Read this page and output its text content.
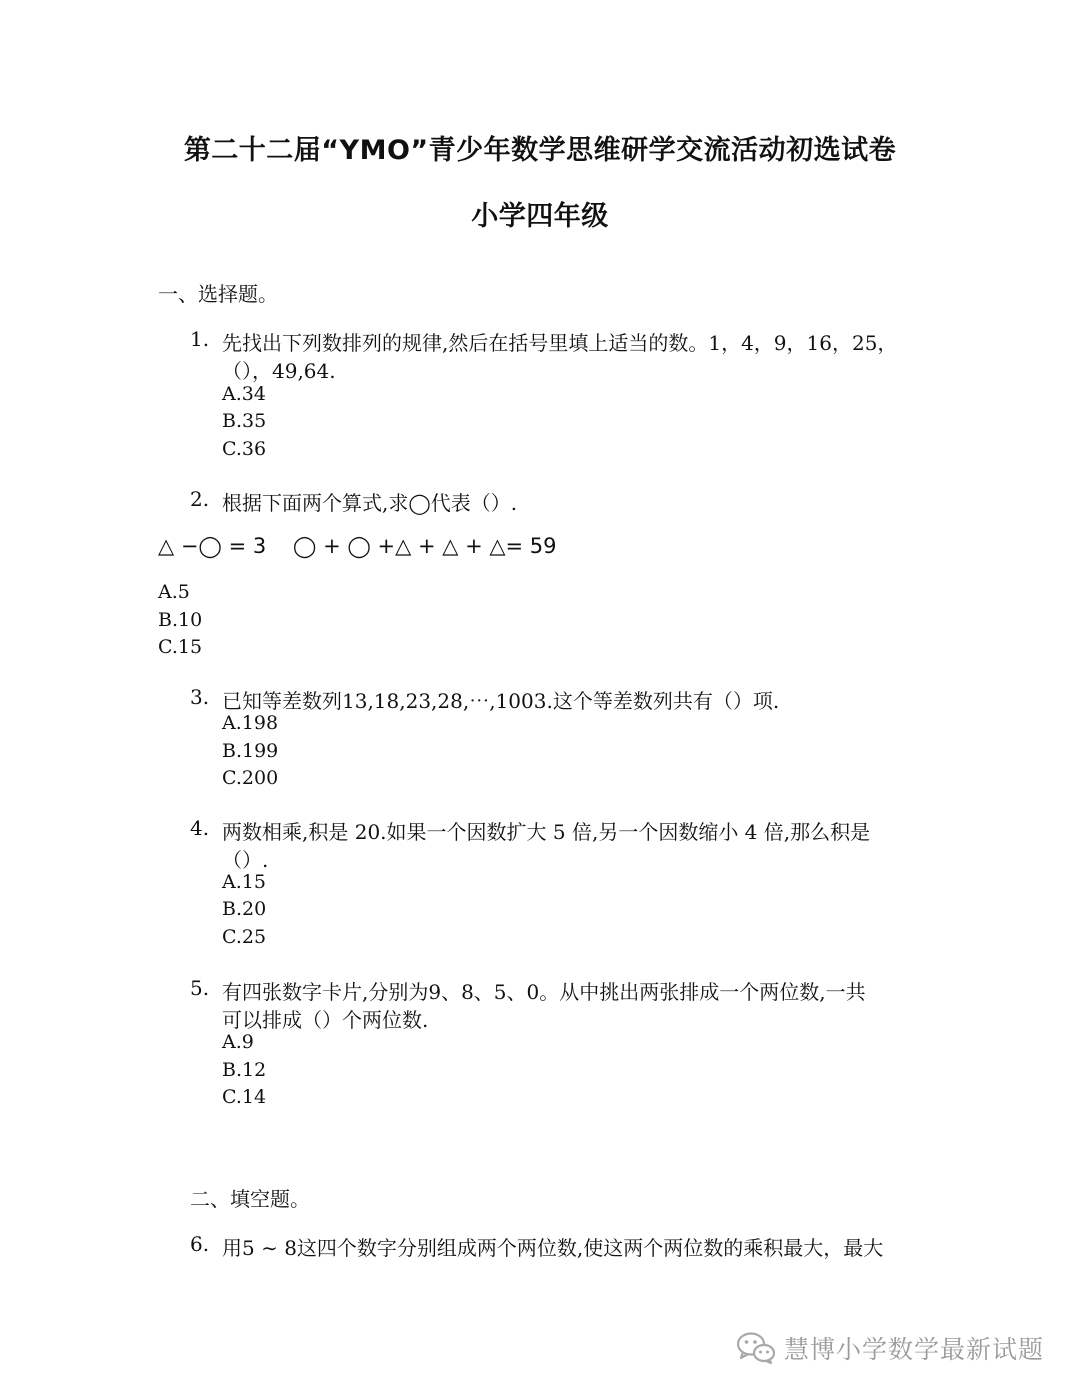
第二十二届“YMO”青少年数学思维研学交流活动初选试卷
小学四年级
一、选择题。
1. 先找出下列数排列的规律,然后在括号里填上适当的数。1，4，9，16，25，
（），49,64.
A.34
B.35
C.36
2. 根据下面两个算式,求◯代表（）.
△ −◯ = 3    ◯ + ◯ +△ + △ + △= 59
A.5
B.10
C.15
3. 已知等差数列13,18,23,28,⋯,1003.这个等差数列共有（）项.
A.198
B.199
C.200
4. 两数相乘,积是 20.如果一个因数扩大 5 倍,另一个因数缩小 4 倍,那么积是
（）.
A.15
B.20
C.25
5. 有四张数字卡片,分别为9、8、5、0。从中挑出两张排成一个两位数,一共
可以排成（）个两位数.
A.9
B.12
C.14
二、填空题。
6. 用5 ∼ 8这四个数字分别组成两个两位数,使这两个两位数的乘积最大，最大
慧博小学数学最新试题
